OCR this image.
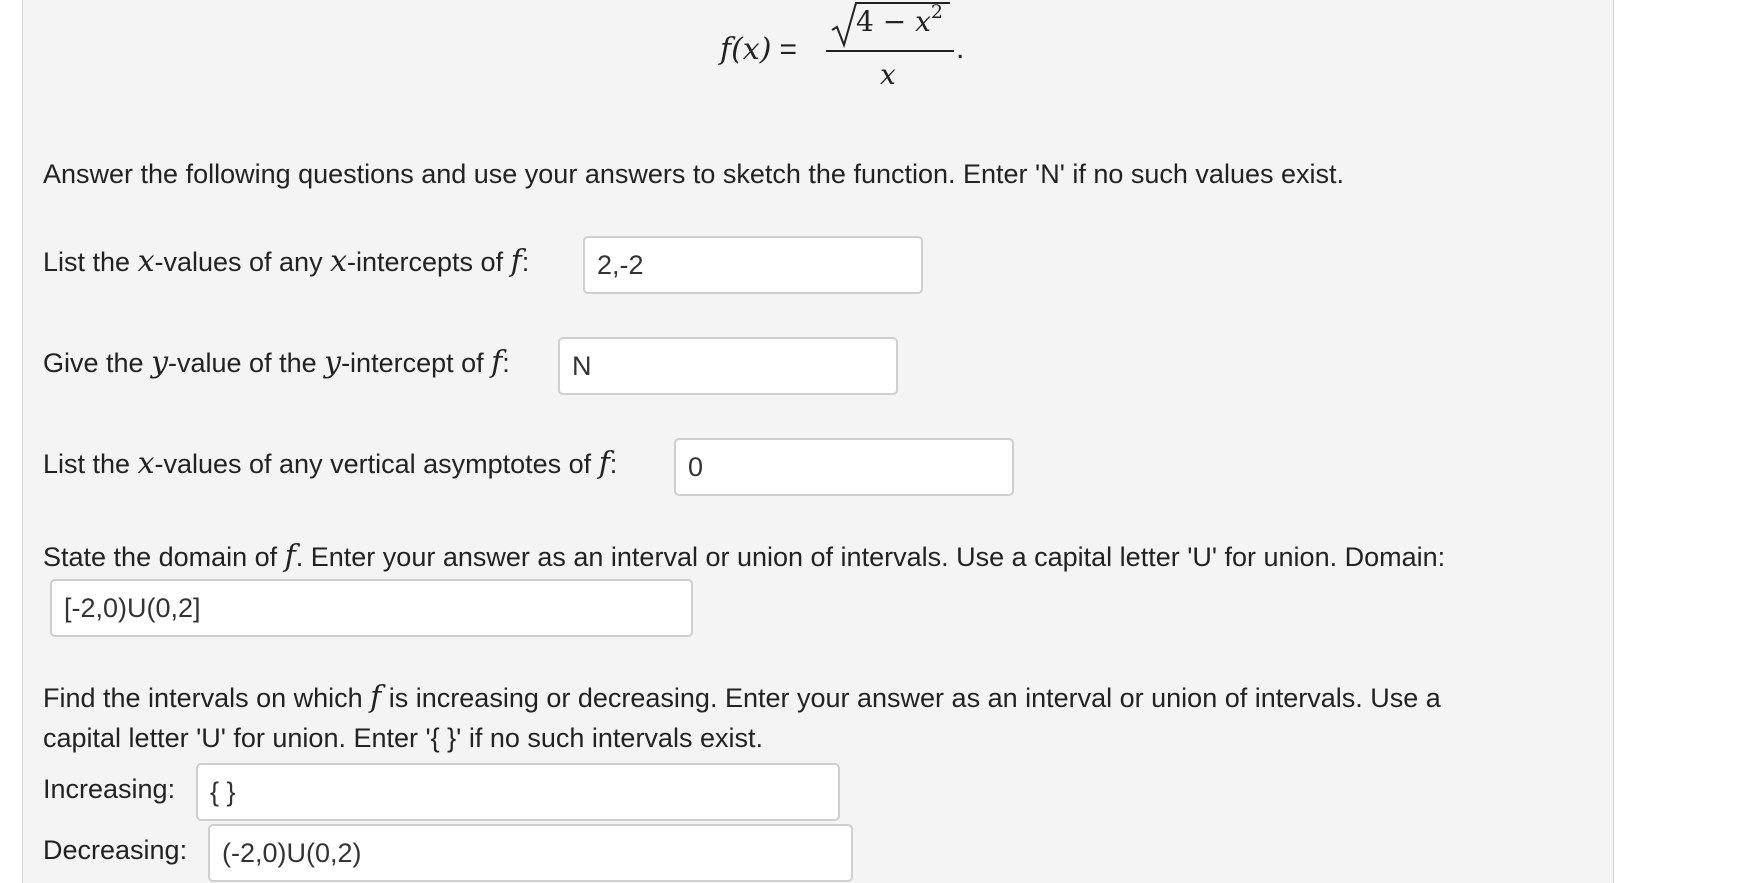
f(x) =
$4 - x^2$
x
.
Answer the following questions and use your answers to sketch the function. Enter 'N' if no such values exist.
List the x-values of any x-intercepts of f:	2,-2
Give the y-value of the y-intercept of f:	N
List the x-values of any vertical asymptotes of f:	0
State the domain of f. Enter your answer as an interval or union of intervals. Use a capital letter 'U' for union. Domain:
[-2,0)U(0,2]
Find the intervals on which f is increasing or decreasing. Enter your answer as an interval or union of intervals. Use a
capital letter 'U' for union. Enter '{ }' if no such intervals exist.
Increasing:	{ }
Decreasing:	(-2,0)U(0,2)
